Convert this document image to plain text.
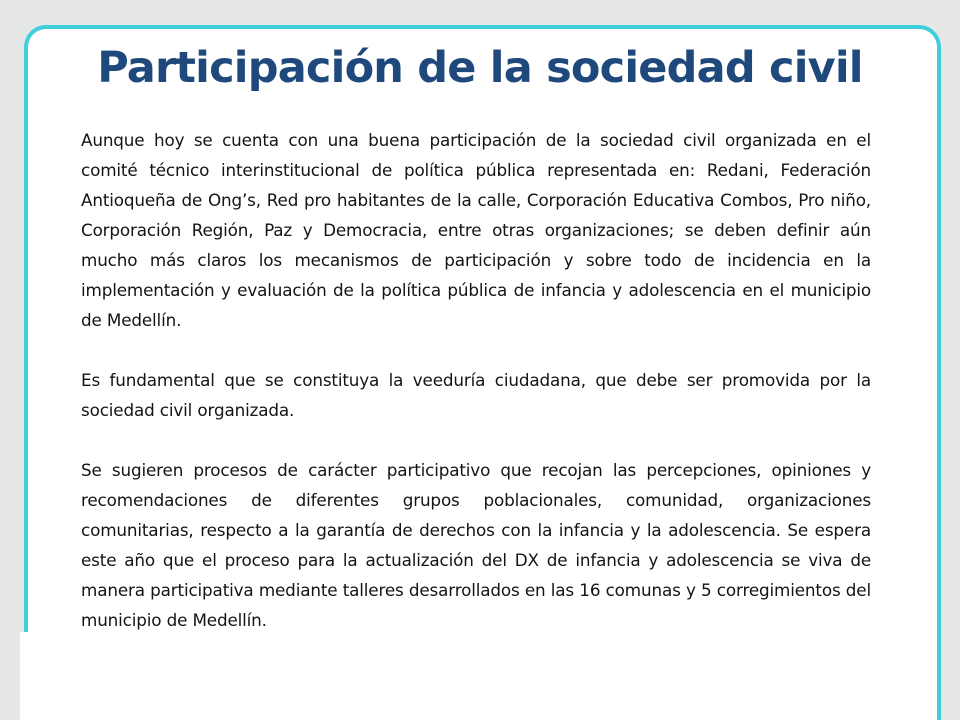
Participación de la sociedad civil

Aunque hoy se cuenta con una buena participación de la sociedad civil organizada en el comité técnico interinstitucional de política pública representada en: Redani, Federación Antioqueña de Ong’s, Red pro habitantes de la calle, Corporación Educativa Combos, Pro niño, Corporación Región, Paz y Democracia, entre otras organizaciones; se deben definir aún mucho más claros los mecanismos de participación y sobre todo de incidencia en la implementación y evaluación de la política pública de infancia y adolescencia en el municipio de Medellín.

Es fundamental que se constituya la veeduría ciudadana, que debe ser promovida por la sociedad civil organizada.

Se sugieren procesos de carácter participativo que recojan las percepciones, opiniones y recomendaciones de diferentes grupos poblacionales, comunidad, organizaciones comunitarias, respecto a la garantía de derechos con la infancia y la adolescencia. Se espera este año que el proceso para la actualización del DX de infancia y adolescencia se viva de manera participativa mediante talleres desarrollados en las 16 comunas y 5 corregimientos del municipio de Medellín.
